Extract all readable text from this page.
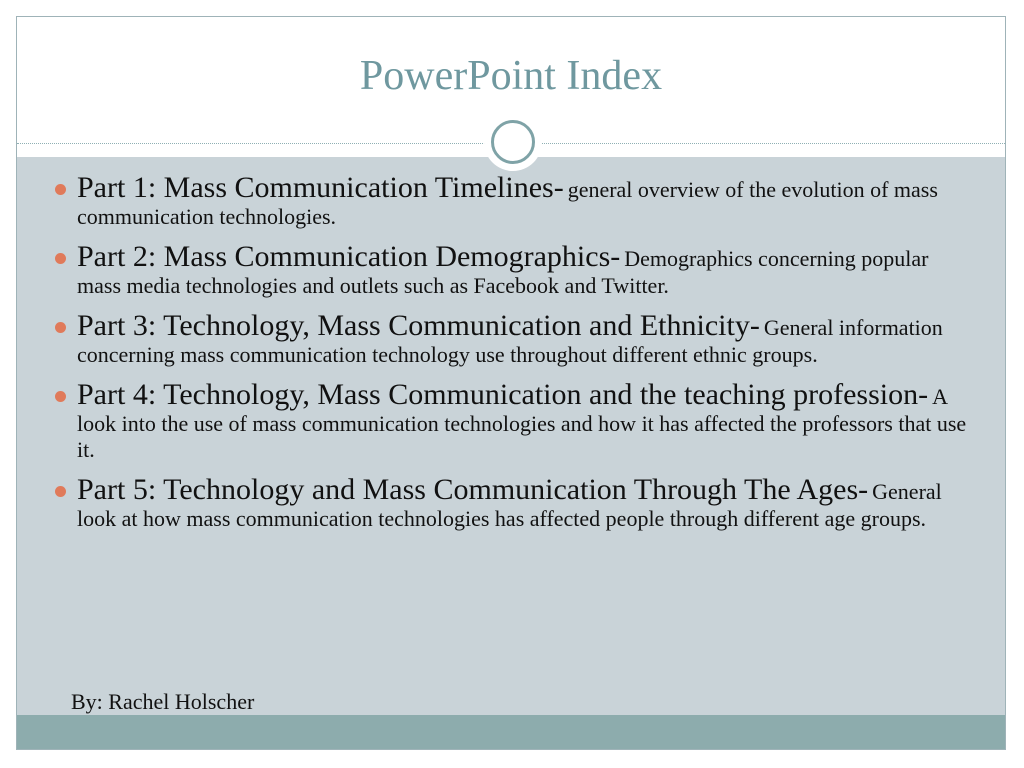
PowerPoint Index
Part 1: Mass Communication Timelines- general overview of the evolution of mass communication technologies.
Part 2: Mass Communication Demographics- Demographics concerning popular mass media technologies and outlets such as Facebook and Twitter.
Part 3: Technology, Mass Communication and Ethnicity- General information concerning mass communication technology use throughout different ethnic groups.
Part 4: Technology, Mass Communication and the teaching profession- A look into the use of mass communication technologies and how it has affected the professors that use it.
Part 5: Technology and Mass Communication Through The Ages- General look at how mass communication technologies has affected people through different age groups.
By: Rachel Holscher
